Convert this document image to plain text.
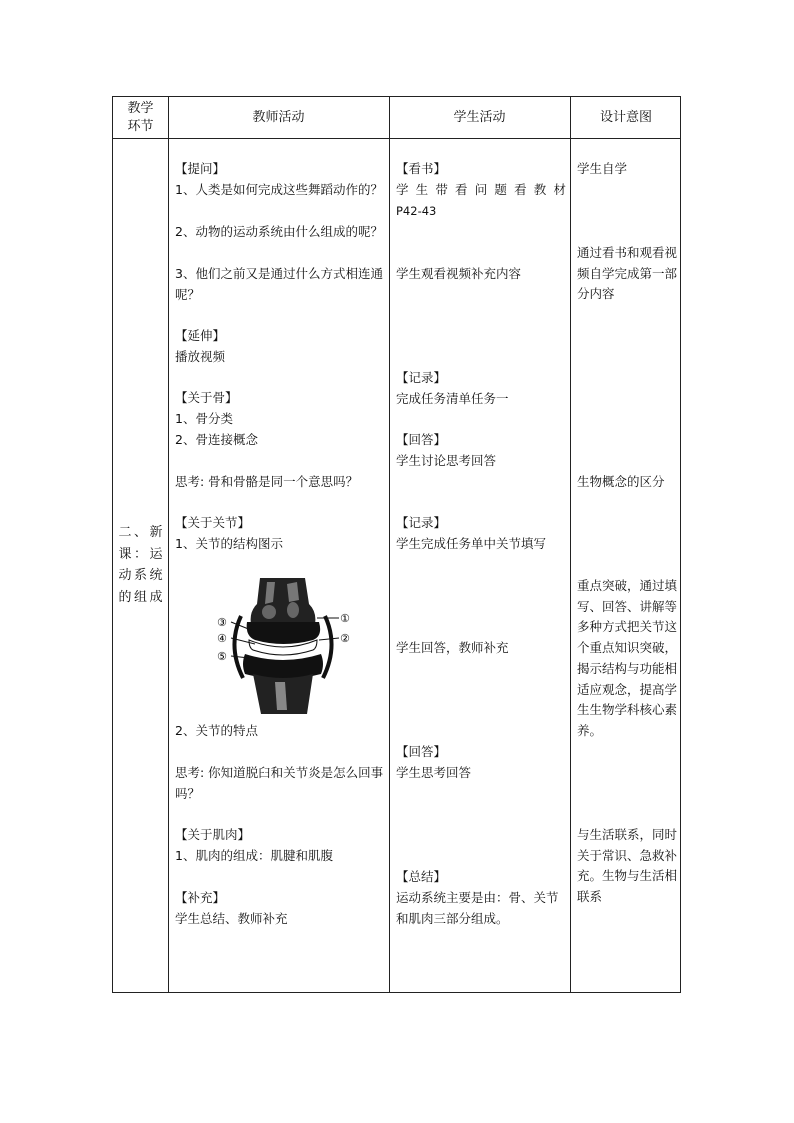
教学
环节
教师活动	学生活动	设计意图
二、新课：运动系统的组成
【提问】
1、人类是如何完成这些舞蹈动作的？
2、动物的运动系统由什么组成的呢？
3、他们之前又是通过什么方式相连通呢？
【延伸】
播放视频
【关于骨】
1、骨分类
2、骨连接概念
思考: 骨和骨骼是同一个意思吗？
【关于关节】
1、关节的结构图示
①
②
③
④
⑤
2、关节的特点
思考: 你知道脱臼和关节炎是怎么回事吗？
【关于肌肉】
1、肌肉的组成：肌腱和肌腹
【补充】
学生总结、教师补充
【看书】
学生带看问题看教材
P42-43
学生观看视频补充内容
【记录】
完成任务清单任务一
【回答】
学生讨论思考回答
【记录】
学生完成任务单中关节填写
学生回答，教师补充
【回答】
学生思考回答
【总结】
运动系统主要是由：骨、关节和肌肉三部分组成。
学生自学
通过看书和观看视频自学完成第一部分内容
生物概念的区分
重点突破，通过填写、回答、讲解等多种方式把关节这个重点知识突破，揭示结构与功能相适应观念，提高学生生物学科核心素养。
与生活联系，同时关于常识、急救补充。生物与生活相联系
